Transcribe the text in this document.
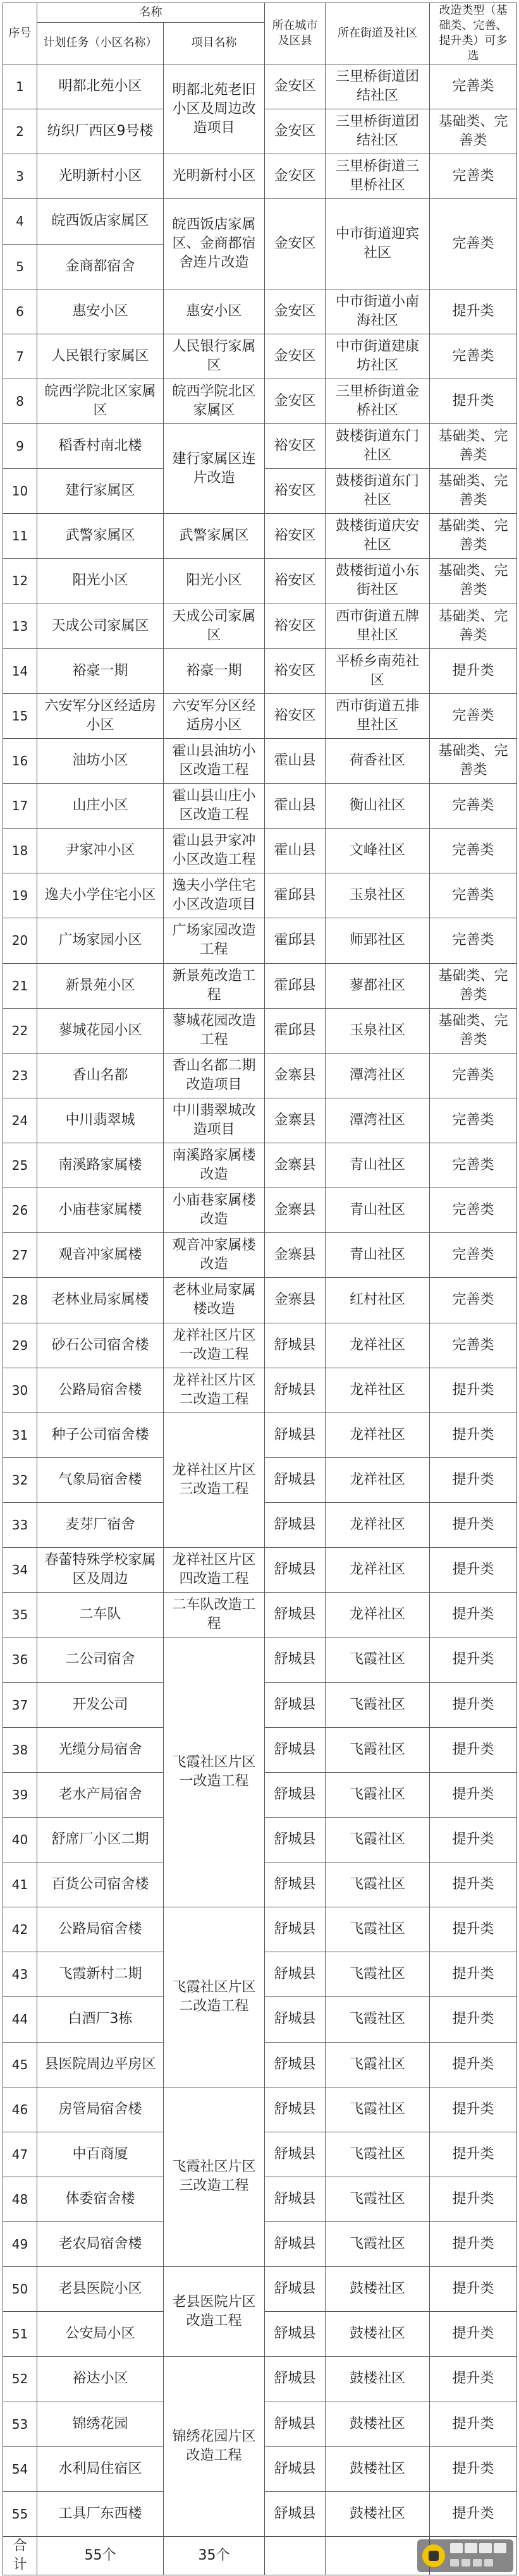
序号	名称		所在城市及区县	所在街道及社区	改造类型（基础类、完善、提升类）可多选
	计划任务（小区名称）	项目名称			
1	明都北苑小区	明都北苑老旧小区及周边改造项目	金安区	三里桥街道团结社区	完善类
2	纺织厂西区9号楼		金安区	三里桥街道团结社区	基础类、完善类
3	光明新村小区	光明新村小区	金安区	三里桥街道三里桥社区	完善类
4	皖西饭店家属区	皖西饭店家属区、金商都宿舍连片改造	金安区	中市街道迎宾社区	完善类
5	金商都宿舍				
6	惠安小区	惠安小区	金安区	中市街道小南海社区	提升类
7	人民银行家属区	人民银行家属区	金安区	中市街道建康坊社区	完善类
8	皖西学院北区家属区	皖西学院北区家属区	金安区	三里桥街道金桥社区	提升类
9	稻香村南北楼	建行家属区连片改造	裕安区	鼓楼街道东门社区	基础类、完善类
10	建行家属区		裕安区	鼓楼街道东门社区	基础类、完善类
11	武警家属区	武警家属区	裕安区	鼓楼街道庆安社区	基础类、完善类
12	阳光小区	阳光小区	裕安区	鼓楼街道小东街社区	基础类、完善类
13	天成公司家属区	天成公司家属区	裕安区	西市街道五牌里社区	基础类、完善类
14	裕豪一期	裕豪一期	裕安区	平桥乡南苑社区	提升类
15	六安军分区经适房小区	六安军分区经适房小区	裕安区	西市街道五排里社区	完善类
16	油坊小区	霍山县油坊小区改造工程	霍山县	荷香社区	基础类、完善类
17	山庄小区	霍山县山庄小区改造工程	霍山县	衡山社区	完善类
18	尹家冲小区	霍山县尹家冲小区改造工程	霍山县	文峰社区	完善类
19	逸夫小学住宅小区	逸夫小学住宅小区改造项目	霍邱县	玉泉社区	完善类
20	广场家园小区	广场家园改造工程	霍邱县	师郢社区	完善类
21	新景苑小区	新景苑改造工程	霍邱县	蓼都社区	基础类、完善类
22	蓼城花园小区	蓼城花园改造工程	霍邱县	玉泉社区	基础类、完善类
23	香山名都	香山名都二期改造项目	金寨县	潭湾社区	完善类
24	中川翡翠城	中川翡翠城改造项目	金寨县	潭湾社区	完善类
25	南溪路家属楼	南溪路家属楼改造	金寨县	青山社区	完善类
26	小庙巷家属楼	小庙巷家属楼改造	金寨县	青山社区	完善类
27	观音冲家属楼	观音冲家属楼改造	金寨县	青山社区	完善类
28	老林业局家属楼	老林业局家属楼改造	金寨县	红村社区	完善类
29	砂石公司宿舍楼	龙祥社区片区一改造工程	舒城县	龙祥社区	完善类
30	公路局宿舍楼	龙祥社区片区二改造工程	舒城县	龙祥社区	提升类
31	种子公司宿舍楼	龙祥社区片区三改造工程	舒城县	龙祥社区	提升类
32	气象局宿舍楼		舒城县	龙祥社区	提升类
33	麦芽厂宿舍		舒城县	龙祥社区	提升类
34	春蕾特殊学校家属区及周边	龙祥社区片区四改造工程	舒城县	龙祥社区	提升类
35	二车队	二车队改造工程	舒城县	龙祥社区	提升类
36	二公司宿舍	飞霞社区片区一改造工程	舒城县	飞霞社区	提升类
37	开发公司		舒城县	飞霞社区	提升类
38	光缆分局宿舍		舒城县	飞霞社区	提升类
39	老水产局宿舍		舒城县	飞霞社区	提升类
40	舒席厂小区二期		舒城县	飞霞社区	提升类
41	百货公司宿舍楼		舒城县	飞霞社区	提升类
42	公路局宿舍楼	飞霞社区片区二改造工程	舒城县	飞霞社区	提升类
43	飞霞新村二期		舒城县	飞霞社区	提升类
44	白酒厂3栋		舒城县	飞霞社区	提升类
45	县医院周边平房区		舒城县	飞霞社区	提升类
46	房管局宿舍楼	飞霞社区片区三改造工程	舒城县	飞霞社区	提升类
47	中百商厦		舒城县	飞霞社区	提升类
48	体委宿舍楼		舒城县	飞霞社区	提升类
49	老农局宿舍楼		舒城县	飞霞社区	提升类
50	老县医院小区	老县医院片区改造工程	舒城县	鼓楼社区	提升类
51	公安局小区		舒城县	鼓楼社区	提升类
52	裕达小区	锦绣花园片区改造工程	舒城县	鼓楼社区	提升类
53	锦绣花园		舒城县	鼓楼社区	提升类
54	水利局住宿区		舒城县	鼓楼社区	提升类
55	工具厂东西楼		舒城县	鼓楼社区	提升类
合计	55个	35个			
